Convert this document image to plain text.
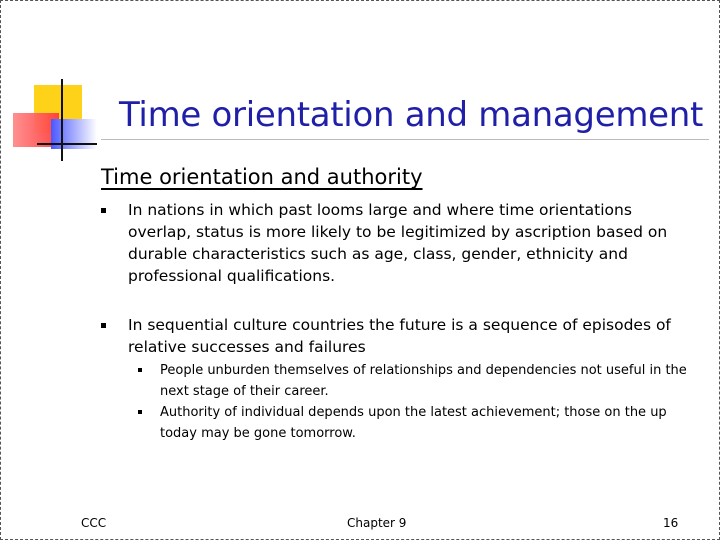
Time orientation and management
Time orientation and authority
In nations in which past looms large and where time orientations overlap, status is more likely to be legitimized by ascription based on durable characteristics such as age, class, gender, ethnicity and professional qualifications.
In sequential culture countries the future is a sequence of episodes of relative successes and failures
People unburden themselves of relationships and dependencies not useful in the next stage of their career.
Authority of individual depends upon the latest achievement; those on the up today may be gone tomorrow.
CCC	Chapter 9	16
